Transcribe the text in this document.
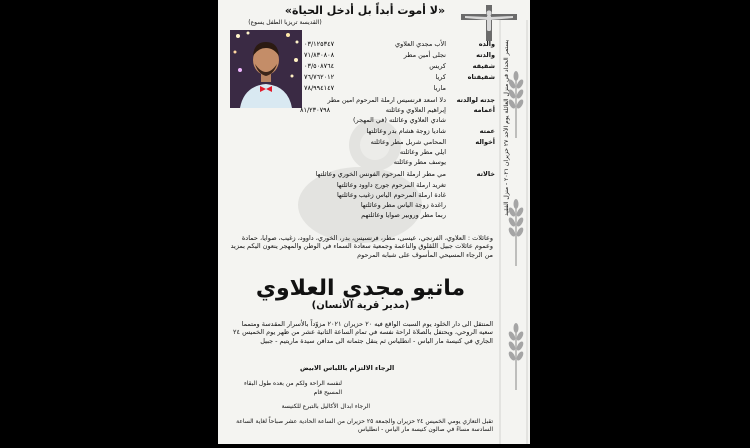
يستمر الحداد في منزل العائلة يوم الأحد ٢٧ حزيران ٢٠٢١ - منزل الفقيد
«لا أموت أبداً بل أدخل الحياة»
(القديسة تريزيا الطفل يسوع)
والده
الأب مجدي العلاوي
٠٣/١٢٥٣٤٧
والدته
نجلى أمين مطر
٧١/٨٣٠٨٠٨
شقيقه
كريس
٠٣/٥٠٨٧٦٤
شقيقتاه
كريا
٧٦/٧٦٢٠١٢
ماريا
٧٨/٩٩٤١٤٧
جدته لوالدته
دلا اسعد فرنسيس ارملة المرحوم امين مطر
أعمامه
إبراهيم العلاوي وعائلته
٨١/٢٣٠٧٩٨
شادي العلاوي وعائلته (في المهجر)
عمته
شاديا زوجة هشام بدر وعائلتها
أخواله
المحامي شربل مطر وعائلته
ايلي مطر وعائلته
يوسف مطر وعائلته
خالاته
مي مطر ارملة المرحوم الفونس الخوري وعائلتها
تغريد ارملة المرحوم جورج داوود وعائلتها
غادة ارملة المرحوم الياس زغيب وعائلتها
راغدة زوجة الياس مطر وعائلتها
ربما مطر وروبير صوايا وعائلتهم
وعائلات : العلاوي، الفرنجي، عيسى، مطر، فرنسيس، بدر، الخوري، داوود، زغيب، صوايا، حمادة وعموم عائلات جبيل اللقلوق والناعمة وجمعية سعادة السماء في الوطن والمهجر ينعون اليكم بمزيد من الرجاء المسيحي المأسوف على شبابه المرحوم
ماتيو مجدي العلاوي
(مدير قرية الأنسان)
المنتقل الى دار الخلود يوم السبت الواقع فيه ٢٠ حزيران ٢٠٢١ مزوّداً بالأسرار المقدسة ومتمما سعيه الروحي، ويحتفل بالصلاة لراحة نفسه في تمام الساعة الثانية عشر من ظهر يوم الخميس ٢٤ الجاري في كنيسة مار الياس - انطلياس ثم ينقل جثمانه الى مدافن سيدة ماريتيم - جبيل
الرجاء الالتزام باللباس الابيض
لنفسه الراحة ولكم من بعده طول البقاء
المسيح قام
الرجاء ابدال الأكاليل بالتبرع للكنيسة
تقبل التعازي يومي الخميس ٢٤ حزيران والجمعة ٢٥ حزيران من الساعة الحادية عشر صباحاً لغاية الساعة السادسة مساءً في صالون كنيسة مار الياس - انطلياس
